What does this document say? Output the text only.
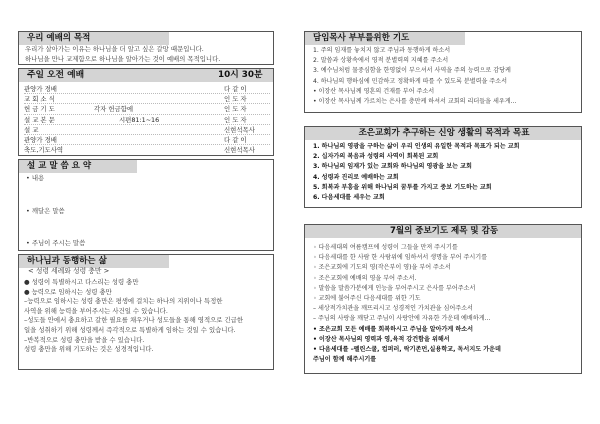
우리 예배의 목적
우리가 살아가는 이유는 하나님을 더 알고 싶은 갈망 때문입니다.
하나님을 만나 교제함으로 하나님을 알아가는 것이 예배의 목적입니다.
주일 오전 예배	10시 30분
관양가 경배	다 같 이
교 회 소 식	인 도 자
헌 금 기 도	각자 헌금함에	인 도 자
설 교 본 문	시편81:1~16	인 도 자
설 교	신현석목사
관양가 경배	다 같 이
축도,기도사역	신현석목사
설 교 말 씀 요 약
• 내용
• 깨달은 말씀
• 주님이 주시는 말씀
하나님과 동행하는 삶
< 성령 세례와 성령 충만 >
● 성령이 특별하시고 다스리는 성령 충만
● 능력으로 임하시는 성령 충만
–능력으로 임하시는 성령 충만은 평생에 걸치는 하나의 지위이나 특정한
사역을 위해 능력을 부어주시는 사건일 수 있습니다.
–성도들 안에서 충요하고 갈한 필요를 채우거나 성도들을 통해 영적으로 긴급한
일을 성취하기 위해 성령께서 즉각적으로 특별하게 임하는 것일 수 있습니다.
–반복적으로 성령 충만을 받을 수 있습니다.
성령 충만을 위해 기도하는 것은 성경적입니다.
담임목사 부부를위한 기도
1. 주의 임재를 놓치지 않고 주님과 동행하게 하소서
2. 말씀과 상황속에서 영적 분별력의 지혜를 주소서
3. 예수님처럼 물중심함을 한영없이 부으셔서 사역을 주의 능력으로 감당케
4. 하나님의 행하심에 민감하고 정확하게 따를 수 있도록 분별력을 주소서
• 이장산 목사님께 영혼의 건재를 부어 주소서
• 이장산 목사님께 가르치는 은사를 충만케 하셔서 교회의 리더들을 세우게...
조은교회가 추구하는 신앙 생활의 목적과 목표
1. 하나님의 영광을 구하는 삶이 우리 인생의 유일한 목적과 목표가 되는 교회
2. 십자가의 복음과 성령의 사역이 회복된 교회
3. 하나님의 임재가 있는 교회와 하나님의 영광을 보는 교회
4. 성령과 진리로 예배하는 교회
5. 회복과 부흥을 위해 하나님의 꿈투를 가지고 중보 기도하는 교회
6. 다음세대를 세우는 교회
7월의 중보기도 제목 및 감동
◦ 다음세대의 여름캠프에 성령이 그들을 만져 주시기를
◦ 다음세대를 한 사람 한 사람위에 임하셔서 생명을 부어 주시기를
◦ 조은교회에 기도의 영(작은부이 영)을 부어 주소서
◦ 조은교회에 예배의 영을 부어 주소서.
◦ 말씀을 말씀가분에게 인능을 부어주시고 은사를 부어주소서
◦ 교회에 불어주신 다음세대를 위한 기도
– 세상적가치관을 깨뜨리시고 성경적인 가치관을 심어주소서
– 주님의 사랑을 깨닫고 주님이 사랑안에 자유한 가운데 예배하게...
• 조은교회 모든 예배를 회복하시고 주님을 알아가게 하소서
• 이장산 목사님의 영력과 영,육적 강건함을 위해서
• 다음세대를 –펠린스쿨, 컵퍼러, 락기존먼,실용학교, 독서지도 가운데
주님이 함께 해주시기를
